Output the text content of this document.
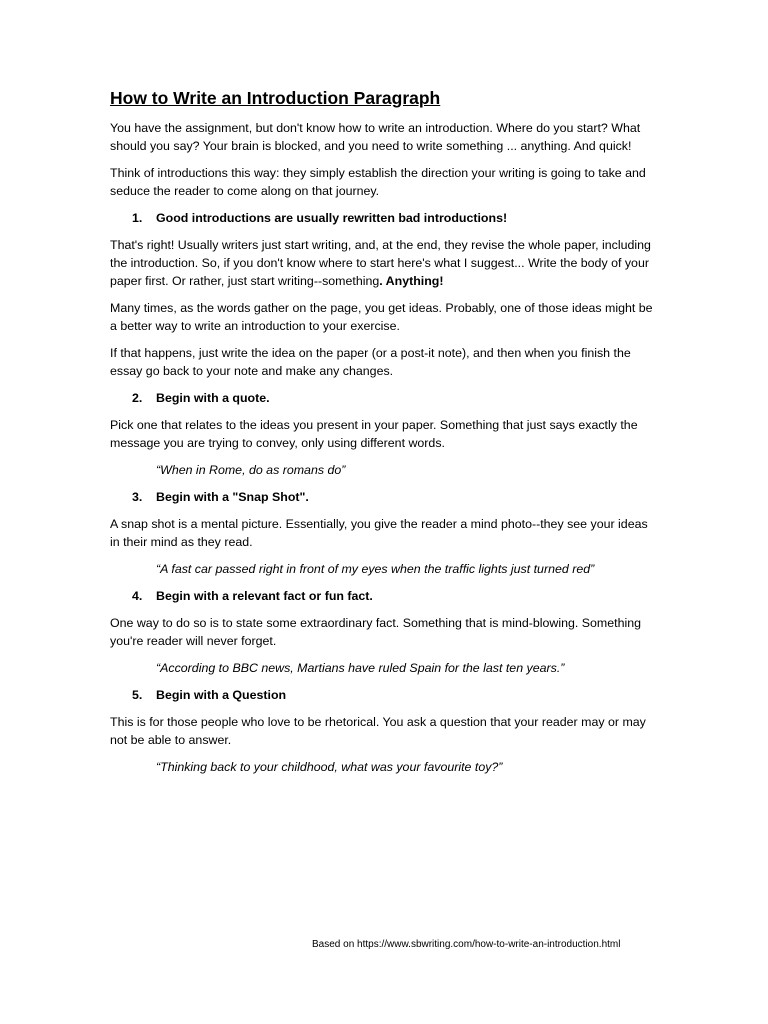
How to Write an Introduction Paragraph

You have the assignment, but don't know how to write an introduction. Where do you start? What should you say? Your brain is blocked, and you need to write something ... anything. And quick!

Think of introductions this way: they simply establish the direction your writing is going to take and seduce the reader to come along on that journey.

1.	Good introductions are usually rewritten bad introductions!

That's right! Usually writers just start writing, and, at the end, they revise the whole paper, including the introduction. So, if you don't know where to start here's what I suggest... Write the body of your paper first. Or rather, just start writing--something. Anything!

Many times, as the words gather on the page, you get ideas. Probably, one of those ideas might be a better way to write an introduction to your exercise.

If that happens, just write the idea on the paper (or a post-it note), and then when you finish the essay go back to your note and make any changes.

2.	Begin with a quote.

Pick one that relates to the ideas you present in your paper. Something that just says exactly the message you are trying to convey, only using different words.

“When in Rome, do as romans do”

3.	Begin with a "Snap Shot".

A snap shot is a mental picture. Essentially, you give the reader a mind photo--they see your ideas in their mind as they read.

“A fast car passed right in front of my eyes when the traffic lights just turned red”

4.	Begin with a relevant fact or fun fact.

One way to do so is to state some extraordinary fact. Something that is mind-blowing. Something you're reader will never forget.

“According to BBC news, Martians have ruled Spain for the last ten years.”

5.	Begin with a Question

This is for those people who love to be rhetorical. You ask a question that your reader may or may not be able to answer.

“Thinking back to your childhood, what was your favourite toy?”

Based on https://www.sbwriting.com/how-to-write-an-introduction.html
